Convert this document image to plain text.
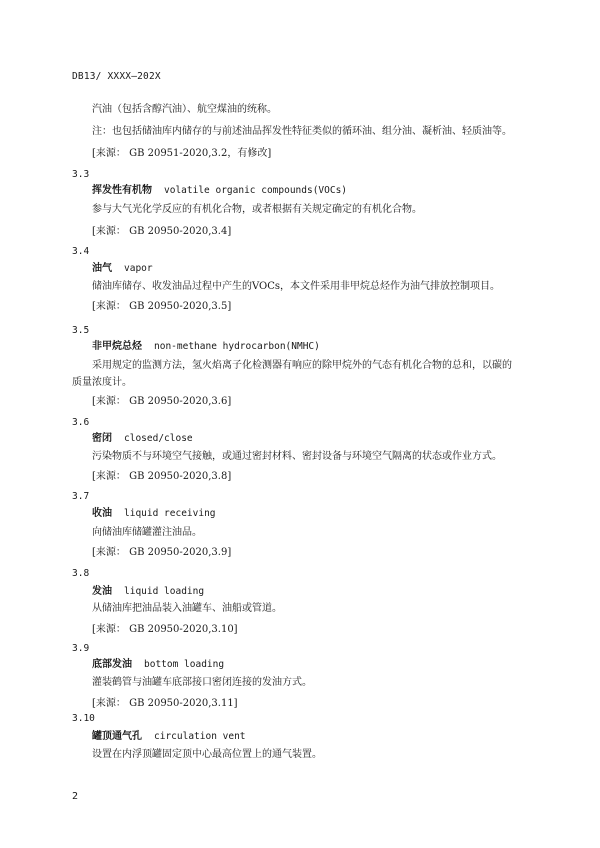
DB13/ XXXX—202X
汽油（包括含醇汽油）、航空煤油的统称。
注：也包括储油库内储存的与前述油品挥发性特征类似的循环油、组分油、凝析油、轻质油等。
[来源： GB 20951-2020,3.2，有修改]
3.3
挥发性有机物 volatile organic compounds(VOCs)
参与大气光化学反应的有机化合物，或者根据有关规定确定的有机化合物。
[来源： GB 20950-2020,3.4]
3.4
油气 vapor
储油库储存、收发油品过程中产生的VOCs，本文件采用非甲烷总烃作为油气排放控制项目。
[来源： GB 20950-2020,3.5]
3.5
非甲烷总烃 non-methane hydrocarbon(NMHC)
采用规定的监测方法，氢火焰离子化检测器有响应的除甲烷外的气态有机化合物的总和，以碳的
质量浓度计。
[来源： GB 20950-2020,3.6]
3.6
密闭 closed/close
污染物质不与环境空气接触，或通过密封材料、密封设备与环境空气隔离的状态或作业方式。
[来源： GB 20950-2020,3.8]
3.7
收油 liquid receiving
向储油库储罐灌注油品。
[来源： GB 20950-2020,3.9]
3.8
发油 liquid loading
从储油库把油品装入油罐车、油船或管道。
[来源： GB 20950-2020,3.10]
3.9
底部发油 bottom loading
灌装鹤管与油罐车底部接口密闭连接的发油方式。
[来源： GB 20950-2020,3.11]
3.10
罐顶通气孔 circulation vent
设置在内浮顶罐固定顶中心最高位置上的通气装置。
2
